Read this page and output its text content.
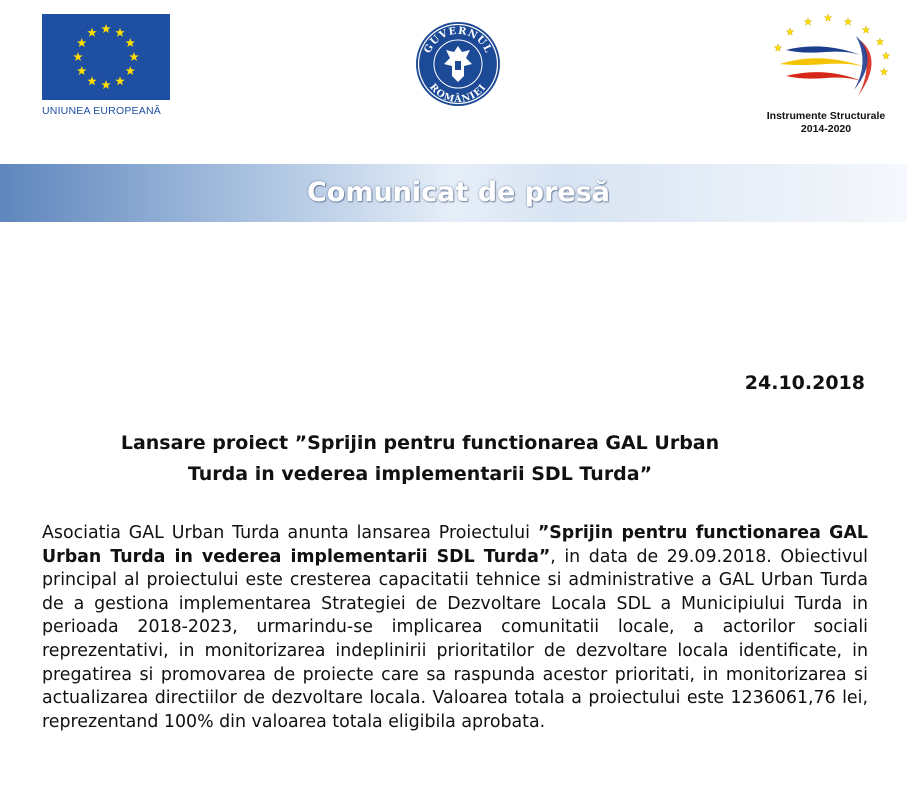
UNIUNEA EUROPEANĂ
GUVERNUL
ROMÂNIEI
Instrumente Structurale
2014-2020
Comunicat de presă
24.10.2018
Lansare proiect ”Sprijin pentru functionarea GAL Urban
Turda in vederea implementarii SDL Turda”
Asociatia GAL Urban Turda anunta lansarea Proiectului ”Sprijin pentru functionarea GAL Urban Turda in vederea implementarii SDL Turda”, in data de 29.09.2018. Obiectivul principal al proiectului este cresterea capacitatii tehnice si administrative a GAL Urban Turda de a gestiona implementarea Strategiei de Dezvoltare Locala SDL a Municipiului Turda in perioada 2018-2023, urmarindu-se implicarea comunitatii locale, a actorilor sociali reprezentativi, in monitorizarea indeplinirii prioritatilor de dezvoltare locala identificate, in pregatirea si promovarea de proiecte care sa raspunda acestor prioritati, in monitorizarea si actualizarea directiilor de dezvoltare locala. Valoarea totala a proiectului este 1236061,76 lei, reprezentand 100% din valoarea totala eligibila aprobata.
